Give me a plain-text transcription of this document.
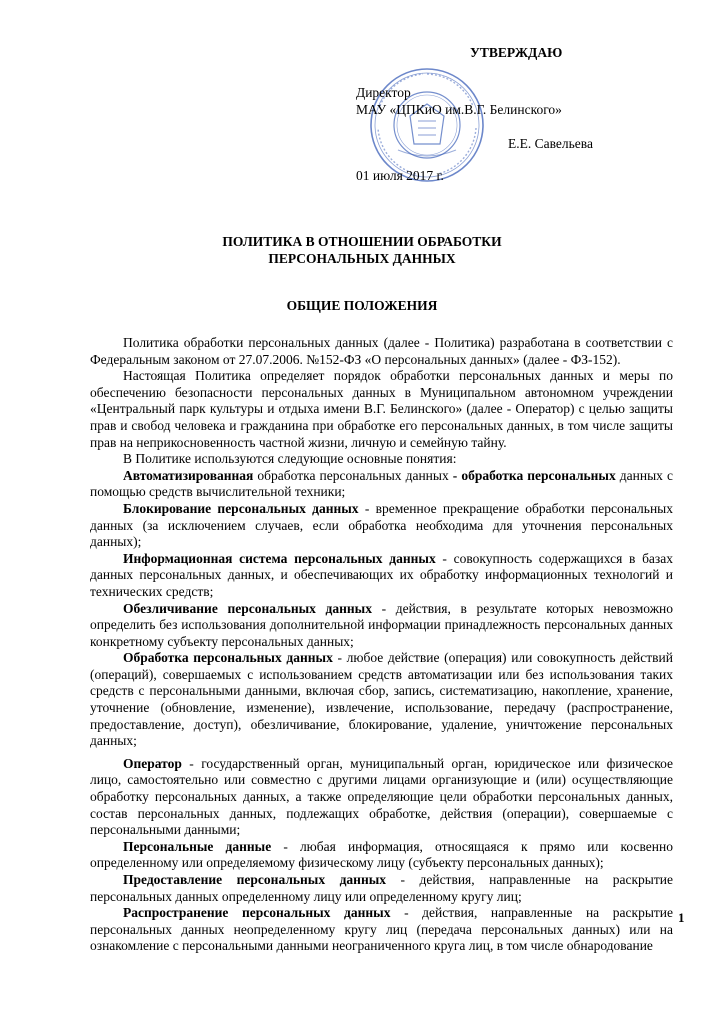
УТВЕРЖДАЮ
Директор
МАУ «ЦПКиО им.В.Г. Белинского»
Е.Е. Савельева
01 июля 2017 г.
ПОЛИТИКА В ОТНОШЕНИИ ОБРАБОТКИ
ПЕРСОНАЛЬНЫХ ДАННЫХ
ОБЩИЕ ПОЛОЖЕНИЯ

Политика обработки персональных данных (далее - Политика) разработана в соответствии с Федеральным законом от 27.07.2006. №152-ФЗ «О персональных данных» (далее - ФЗ-152).

Настоящая Политика определяет порядок обработки персональных данных и меры по обеспечению безопасности персональных данных в Муниципальном автономном учреждении «Центральный парк культуры и отдыха имени В.Г. Белинского» (далее - Оператор) с целью защиты прав и свобод человека и гражданина при обработке его персональных данных, в том числе защиты прав на неприкосновенность частной жизни, личную и семейную тайну.

В Политике используются следующие основные понятия:

Автоматизированная обработка персональных данных - обработка персональных данных с помощью средств вычислительной техники;

Блокирование персональных данных - временное прекращение обработки персональных данных (за исключением случаев, если обработка необходима для уточнения персональных данных);

Информационная система персональных данных - совокупность содержащихся в базах данных персональных данных, и обеспечивающих их обработку информационных технологий и технических средств;

Обезличивание персональных данных - действия, в результате которых невозможно определить без использования дополнительной информации принадлежность персональных данных конкретному субъекту персональных данных;

Обработка персональных данных - любое действие (операция) или совокупность действий (операций), совершаемых с использованием средств автоматизации или без использования таких средств с персональными данными, включая сбор, запись, систематизацию, накопление, хранение, уточнение (обновление, изменение), извлечение, использование, передачу (распространение, предоставление, доступ), обезличивание, блокирование, удаление, уничтожение персональных данных;

Оператор - государственный орган, муниципальный орган, юридическое или физическое лицо, самостоятельно или совместно с другими лицами организующие и (или) осуществляющие обработку персональных данных, а также определяющие цели обработки персональных данных, состав персональных данных, подлежащих обработке, действия (операции), совершаемые с персональными данными;

Персональные данные - любая информация, относящаяся к прямо или косвенно определенному или определяемому физическому лицу (субъекту персональных данных);

Предоставление персональных данных - действия, направленные на раскрытие персональных данных определенному лицу или определенному кругу лиц;

Распространение персональных данных - действия, направленные на раскрытие персональных данных неопределенному кругу лиц (передача персональных данных) или на ознакомление с персональными данными неограниченного круга лиц, в том числе обнародование

1
